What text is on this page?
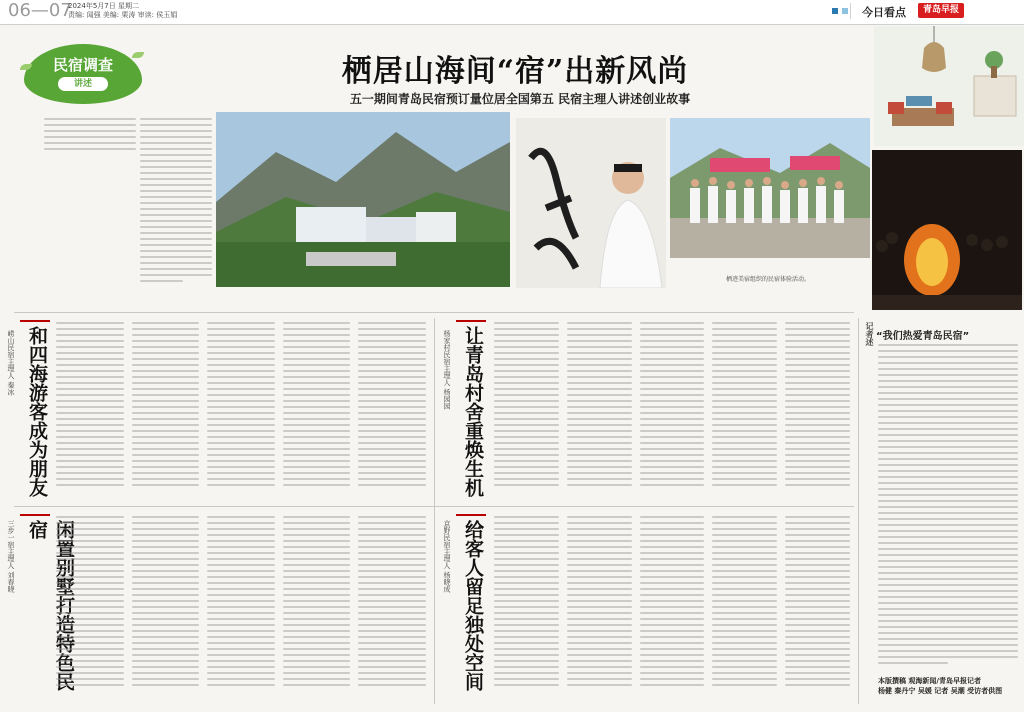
06—07
2024年5月7日 星期二
责编: 闻强 美编: 栗涛 审读: 侯玉娟	今日看点	青岛早报
民宿调查
讲述	栖居山海间“宿”出新风尚
五一期间青岛民宿预订量位居全国第五 民宿主理人讲述创业故事
栖迹美宿组织的民宿体验活动。
和四海游客成为朋友
崂山民宿主理人 秦冰
闲置别墅打造特色民宿
三步一宿主理人 刘春晓
让青岛村舍重焕生机
杨家村民宿主理人 杨园园
给客人留足独处空间
京野民宿主理人 杨晓成
记者述 “我们热爱青岛民宿”
本版撰稿 观海新闻/青岛早报记者
杨健 秦丹宁 吴媛 记者 吴潮 受访者供图
